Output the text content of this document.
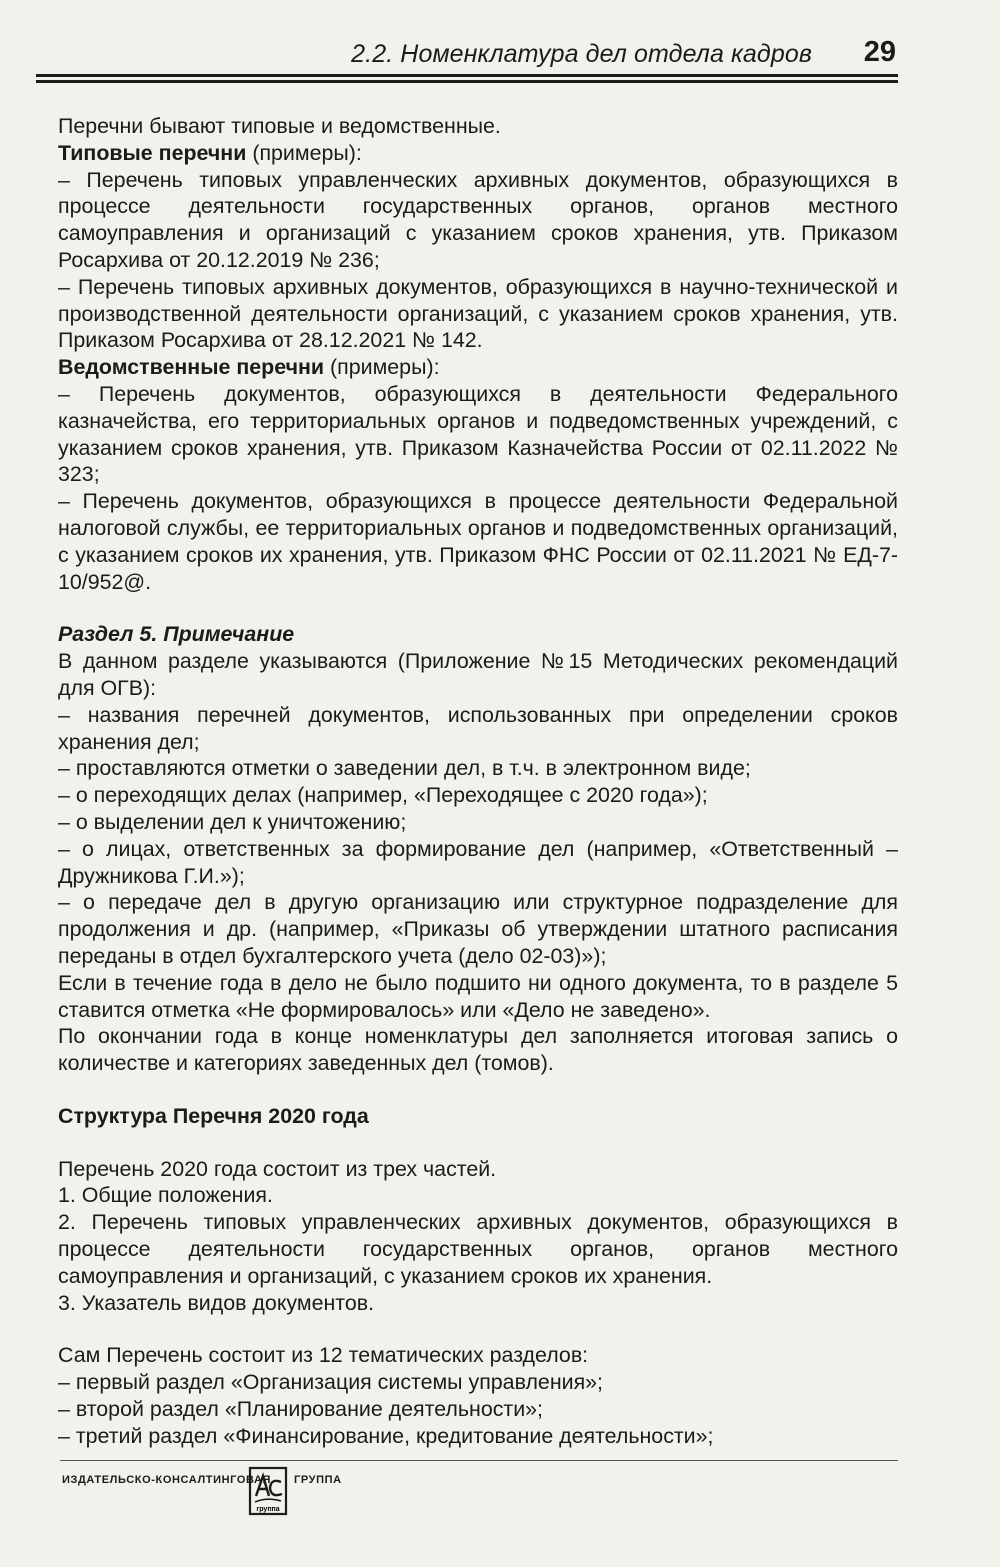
2.2. Номенклатура дел отдела кадров 29

Перечни бывают типовые и ведомственные.

Типовые перечни (примеры):

– Перечень типовых управленческих архивных документов, образующихся в процессе деятельности государственных органов, органов местного самоуправления и организаций с указанием сроков хранения, утв. Приказом Росархива от 20.12.2019 № 236;

– Перечень типовых архивных документов, образующихся в научно-технической и производственной деятельности организаций, с указанием сроков хранения, утв. Приказом Росархива от 28.12.2021 № 142.

Ведомственные перечни (примеры):

– Перечень документов, образующихся в деятельности Федерального казначейства, его территориальных органов и подведомственных учреждений, с указанием сроков хранения, утв. Приказом Казначейства России от 02.11.2022 № 323;

– Перечень документов, образующихся в процессе деятельности Федеральной налоговой службы, ее территориальных органов и подведомственных организаций, с указанием сроков их хранения, утв. Приказом ФНС России от 02.11.2021 № ЕД-7-10/952@.

Раздел 5. Примечание

В данном разделе указываются (Приложение №15 Методических рекомендаций для ОГВ):

– названия перечней документов, использованных при определении сроков хранения дел;

– проставляются отметки о заведении дел, в т.ч. в электронном виде;

– о переходящих делах (например, «Переходящее с 2020 года»);

– о выделении дел к уничтожению;

– о лицах, ответственных за формирование дел (например, «Ответственный – Дружникова Г.И.»);

– о передаче дел в другую организацию или структурное подразделение для продолжения и др. (например, «Приказы об утверждении штатного расписания переданы в отдел бухгалтерского учета (дело 02-03)»);

Если в течение года в дело не было подшито ни одного документа, то в разделе 5 ставится отметка «Не формировалось» или «Дело не заведено».

По окончании года в конце номенклатуры дел заполняется итоговая запись о количестве и категориях заведенных дел (томов).

Структура Перечня 2020 года

Перечень 2020 года состоит из трех частей.

1. Общие положения.

2. Перечень типовых управленческих архивных документов, образующихся в процессе деятельности государственных органов, органов местного самоуправления и организаций, с указанием сроков их хранения.

3. Указатель видов документов.

Сам Перечень состоит из 12 тематических разделов:

– первый раздел «Организация системы управления»;

– второй раздел «Планирование деятельности»;

– третий раздел «Финансирование, кредитование деятельности»;

ИЗДАТЕЛЬСКО-КОНСАЛТИНГОВАЯ
группа
ГРУППА
